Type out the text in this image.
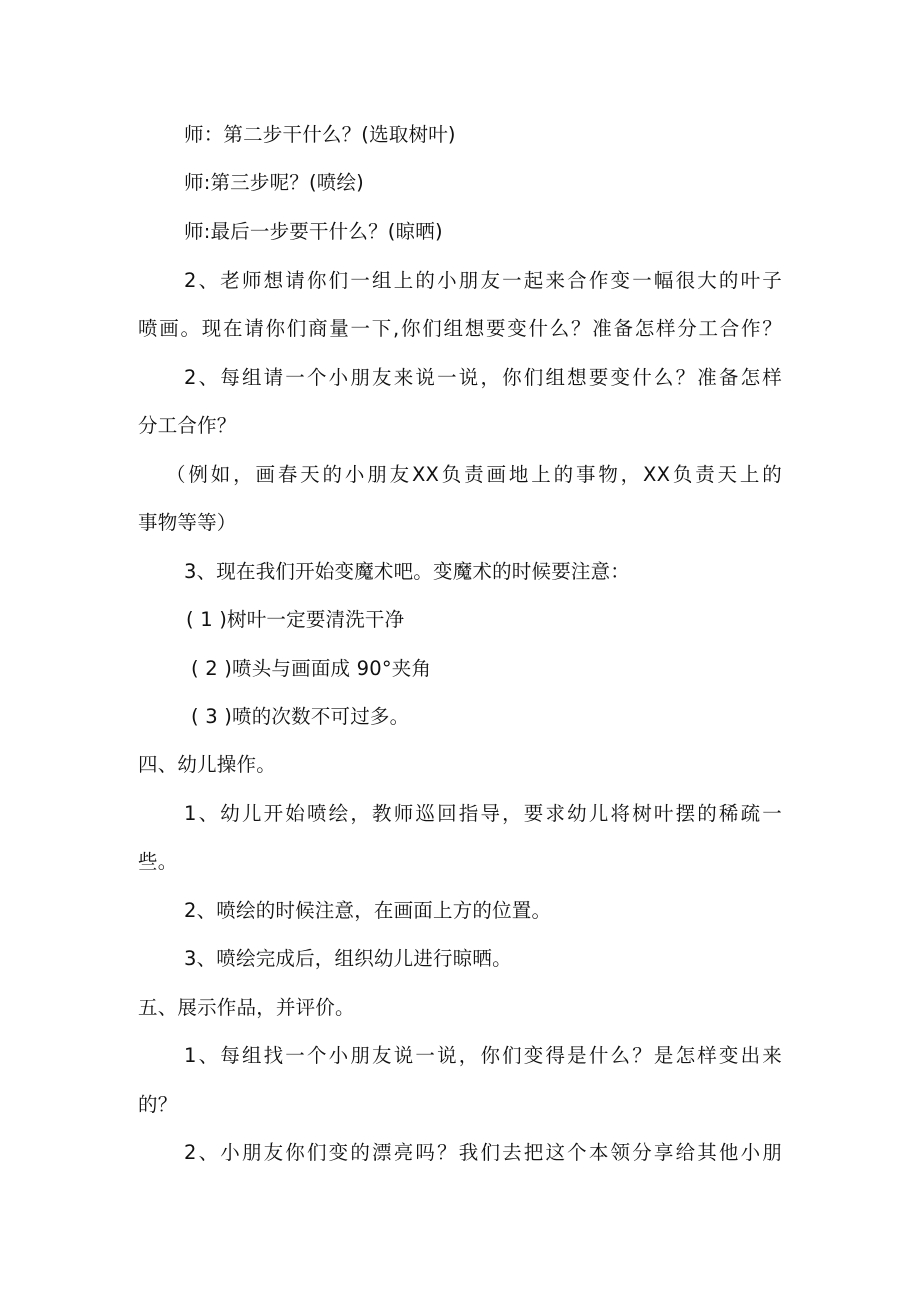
师：第二步干什么？(选取树叶)
师:第三步呢？(喷绘)
师:最后一步要干什么？(晾晒)
2、老师想请你们一组上的小朋友一起来合作变一幅很大的叶子
喷画。现在请你们商量一下,你们组想要变什么？准备怎样分工合作？
2、每组请一个小朋友来说一说，你们组想要变什么？准备怎样
分工合作？
（例如，画春天的小朋友XX负责画地上的事物，XX负责天上的
事物等等）
3、现在我们开始变魔术吧。变魔术的时候要注意：
( 1 )树叶一定要清洗干净
( 2 )喷头与画面成 90°夹角
( 3 )喷的次数不可过多。
四、幼儿操作。
1、幼儿开始喷绘，教师巡回指导，要求幼儿将树叶摆的稀疏一
些。
2、喷绘的时候注意，在画面上方的位置。
3、喷绘完成后，组织幼儿进行晾晒。
五、展示作品，并评价。
1、每组找一个小朋友说一说，你们变得是什么？是怎样变出来
的？
2、小朋友你们变的漂亮吗？我们去把这个本领分享给其他小朋
